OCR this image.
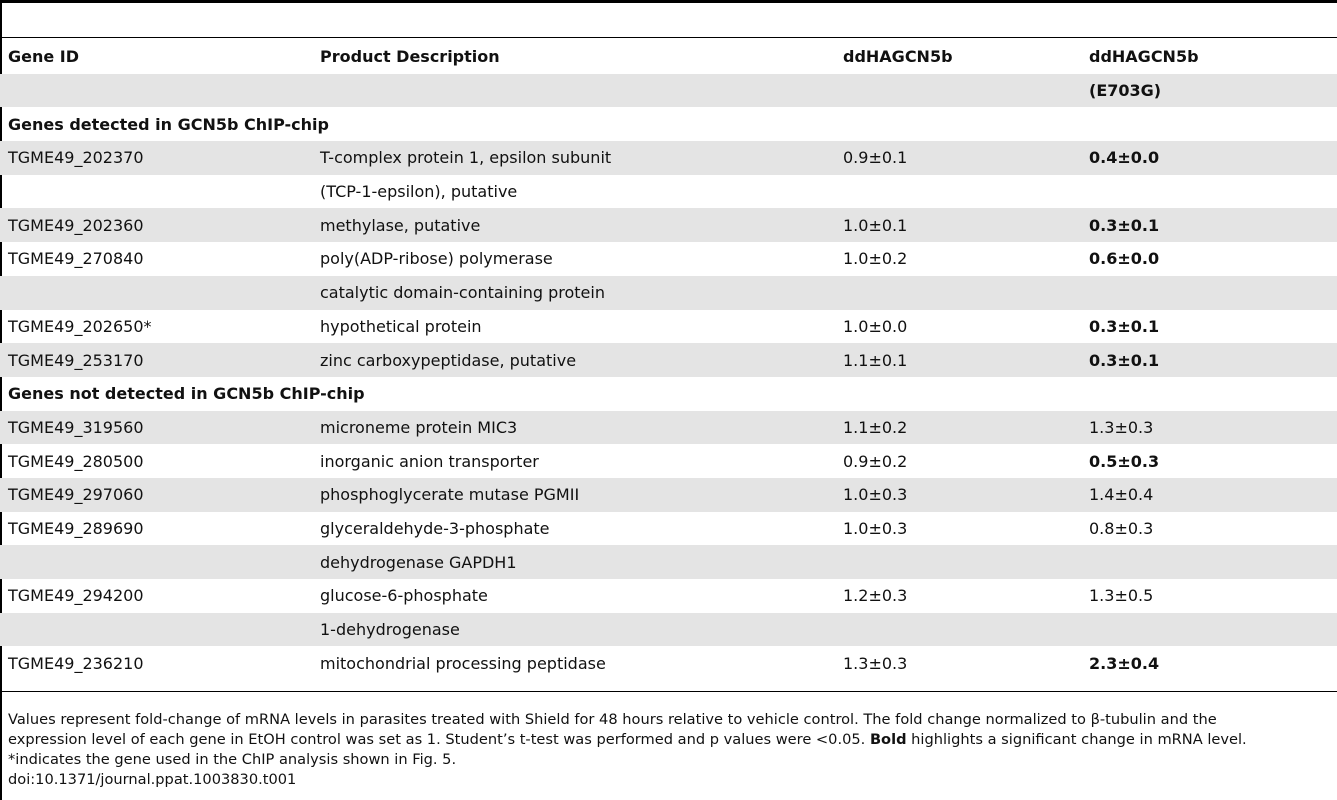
Gene ID	Product Description	ddHAGCN5b	ddHAGCN5b
			(E703G)
Genes detected in GCN5b ChIP-chip			
TGME49_202370	T-complex protein 1, epsilon subunit	0.9±0.1	0.4±0.0
	(TCP-1-epsilon), putative		
TGME49_202360	methylase, putative	1.0±0.1	0.3±0.1
TGME49_270840	poly(ADP-ribose) polymerase	1.0±0.2	0.6±0.0
	catalytic domain-containing protein		
TGME49_202650*	hypothetical protein	1.0±0.0	0.3±0.1
TGME49_253170	zinc carboxypeptidase, putative	1.1±0.1	0.3±0.1
Genes not detected in GCN5b ChIP-chip			
TGME49_319560	microneme protein MIC3	1.1±0.2	1.3±0.3
TGME49_280500	inorganic anion transporter	0.9±0.2	0.5±0.3
TGME49_297060	phosphoglycerate mutase PGMII	1.0±0.3	1.4±0.4
TGME49_289690	glyceraldehyde-3-phosphate	1.0±0.3	0.8±0.3
	dehydrogenase GAPDH1		
TGME49_294200	glucose-6-phosphate	1.2±0.3	1.3±0.5
	1-dehydrogenase		
TGME49_236210	mitochondrial processing peptidase	1.3±0.3	2.3±0.4

Values represent fold-change of mRNA levels in parasites treated with Shield for 48 hours relative to vehicle control. The fold change normalized to β-tubulin and the

expression level of each gene in EtOH control was set as 1. Student’s t-test was performed and p values were <0.05. Bold highlights a significant change in mRNA level.

*indicates the gene used in the ChIP analysis shown in Fig. 5.

doi:10.1371/journal.ppat.1003830.t001
